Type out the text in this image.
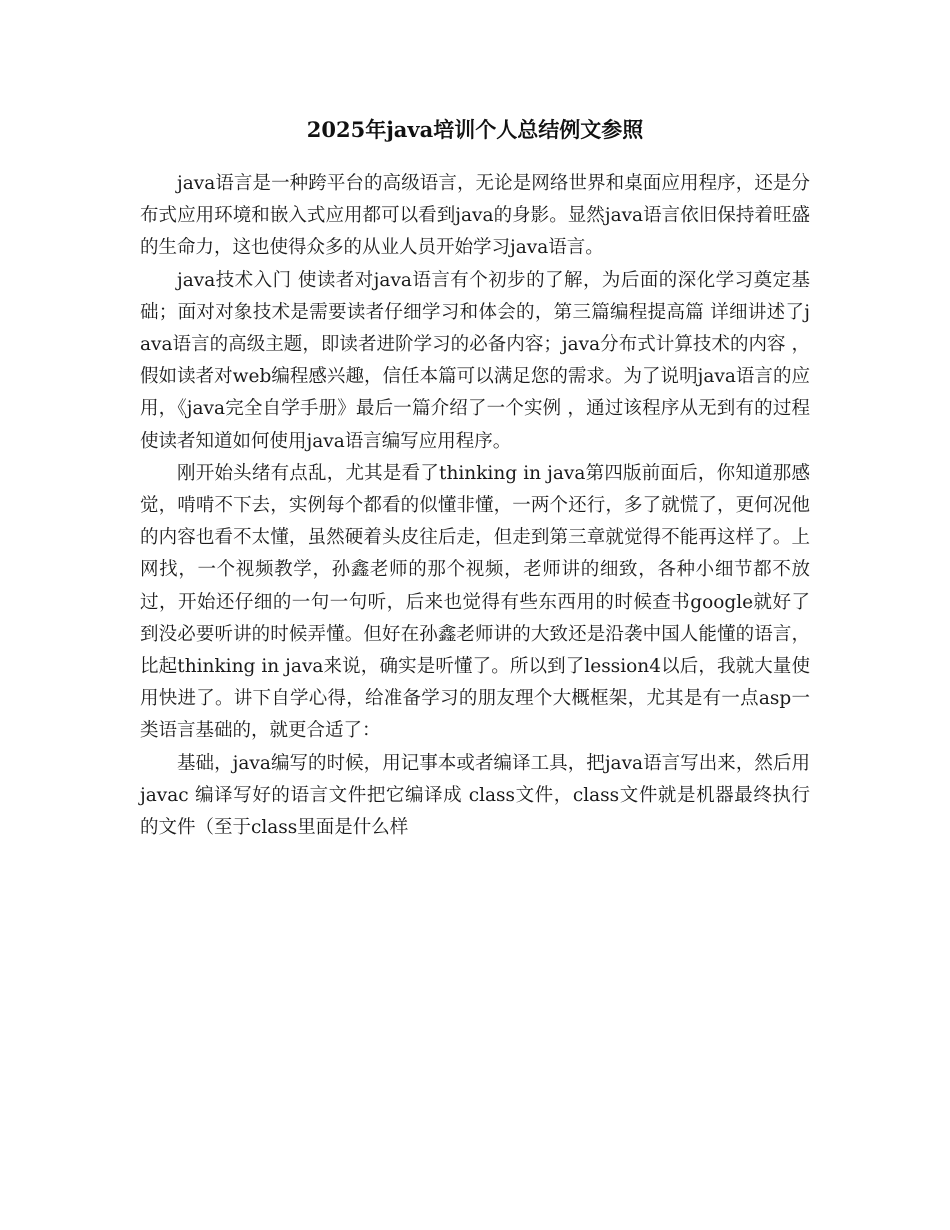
2025年java培训个人总结例文参照

java语言是一种跨平台的高级语言，无论是网络世界和桌面应用程序，还是分布式应用环境和嵌入式应用都可以看到java的身影。显然java语言依旧保持着旺盛的生命力，这也使得众多的从业人员开始学习java语言。

java技术入门 使读者对java语言有个初步的了解，为后面的深化学习奠定基础；面对对象技术是需要读者仔细学习和体会的，第三篇编程提高篇 详细讲述了java语言的高级主题，即读者进阶学习的必备内容；java分布式计算技术的内容 ，假如读者对web编程感兴趣，信任本篇可以满足您的需求。为了说明java语言的应用，《java完全自学手册》最后一篇介绍了一个实例 ，通过该程序从无到有的过程使读者知道如何使用java语言编写应用程序。

刚开始头绪有点乱，尤其是看了thinking in java第四版前面后，你知道那感觉，啃啃不下去，实例每个都看的似懂非懂，一两个还行，多了就慌了，更何况他的内容也看不太懂，虽然硬着头皮往后走，但走到第三章就觉得不能再这样了。上网找，一个视频教学，孙鑫老师的那个视频，老师讲的细致，各种小细节都不放过，开始还仔细的一句一句听，后来也觉得有些东西用的时候查书google就好了到没必要听讲的时候弄懂。但好在孙鑫老师讲的大致还是沿袭中国人能懂的语言，比起thinking in java来说，确实是听懂了。所以到了lession4以后，我就大量使用快进了。讲下自学心得，给准备学习的朋友理个大概框架，尤其是有一点asp一类语言基础的，就更合适了：

基础，java编写的时候，用记事本或者编译工具，把java语言写出来，然后用javac 编译写好的语言文件把它编译成 class文件，class文件就是机器最终执行的文件（至于class里面是什么样
